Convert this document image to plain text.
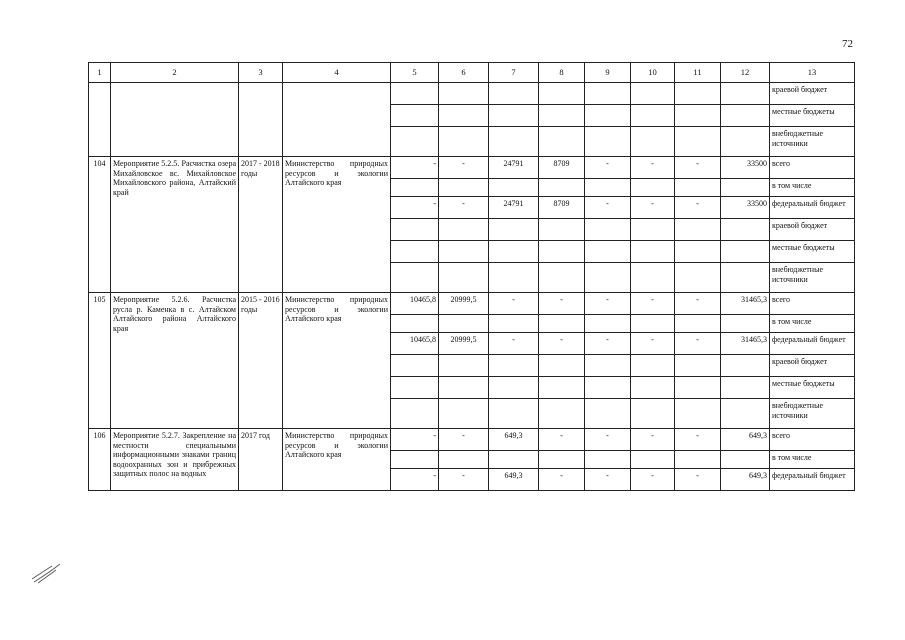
72
1	2	3	4	5	6	7	8	9	10	11	12	13
												краевой бюджет
												местные бюджеты
												внебюджетные источники
104	Мероприятие 5.2.5. Расчистка озера Михайловское вс. Михайловское Михайловского района, Алтайский край	2017 - 2018 годы	Министерство природных ресурсов и экологии Алтайского края	-	-	24791	8709	-	-	-	33500	всего
												в том числе
				-	-	24791	8709	-	-	-	33500	федеральный бюджет
												краевой бюджет
												местные бюджеты
												внебюджетные источники
105	Мероприятие 5.2.6. Расчистка русла р. Каменка в с. Алтайском Алтайского района Алтайского края	2015 - 2016 годы	Министерство природных ресурсов и экологии Алтайского края	10465,8	20999,5	-	-	-	-	-	31465,3	всего
												в том числе
				10465,8	20999,5	-	-	-	-	-	31465,3	федеральный бюджет
												краевой бюджет
												местные бюджеты
												внебюджетные источники
106	Мероприятие 5.2.7. Закрепление на местности специальными информационными знаками границ водоохранных зон и прибрежных защитных полос на водных	2017 год	Министерство природных ресурсов и экологии Алтайского края	-	-	649,3	-	-	-	-	649,3	всего
												в том числе
				-	-	649,3	-	-	-	-	649,3	федеральный бюджет
